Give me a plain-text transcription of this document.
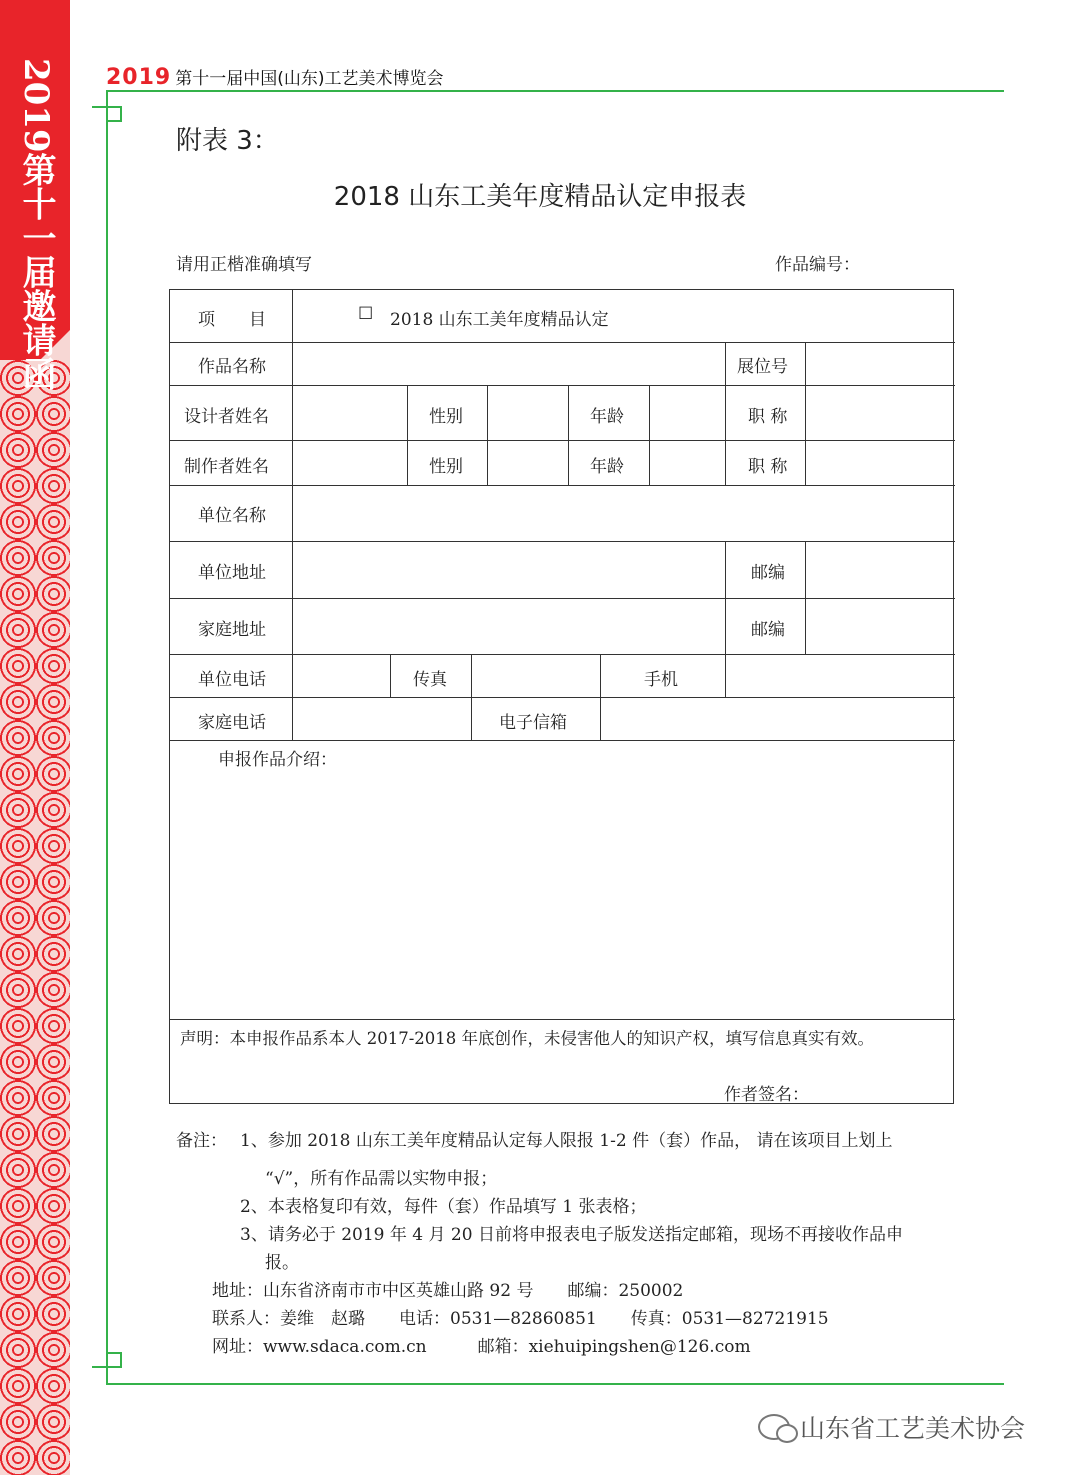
2019第十一届邀请函 2019 第十一届中国(山东)工艺美术博览会
附表 3：
2018 山东工美年度精品认定申报表
请用正楷准确填写	作品编号：
项　　目	☐ 2018 山东工美年度精品认定
作品名称	展位号
设计者姓名	性别	年龄	职 称
制作者姓名	性别	年龄	职 称
单位名称
单位地址	邮编
家庭地址	邮编
单位电话	传真	手机
家庭电话	电子信箱
申报作品介绍：
声明：本申报作品系本人 2017-2018 年底创作，未侵害他人的知识产权，填写信息真实有效。
作者签名：
备注： 1、参加 2018 山东工美年度精品认定每人限报 1-2 件（套）作品， 请在该项目上划上
“√”，所有作品需以实物申报；
2、本表格复印有效，每件（套）作品填写 1 张表格；
3、请务必于 2019 年 4 月 20 日前将申报表电子版发送指定邮箱，现场不再接收作品申
报。
地址：山东省济南市市中区英雄山路 92 号　　邮编：250002
联系人：姜维　赵璐　　电话：0531—82860851　　传真：0531—82721915
网址：www.sdaca.com.cn　　　邮箱：xiehuipingshen@126.com
山东省工艺美术协会
